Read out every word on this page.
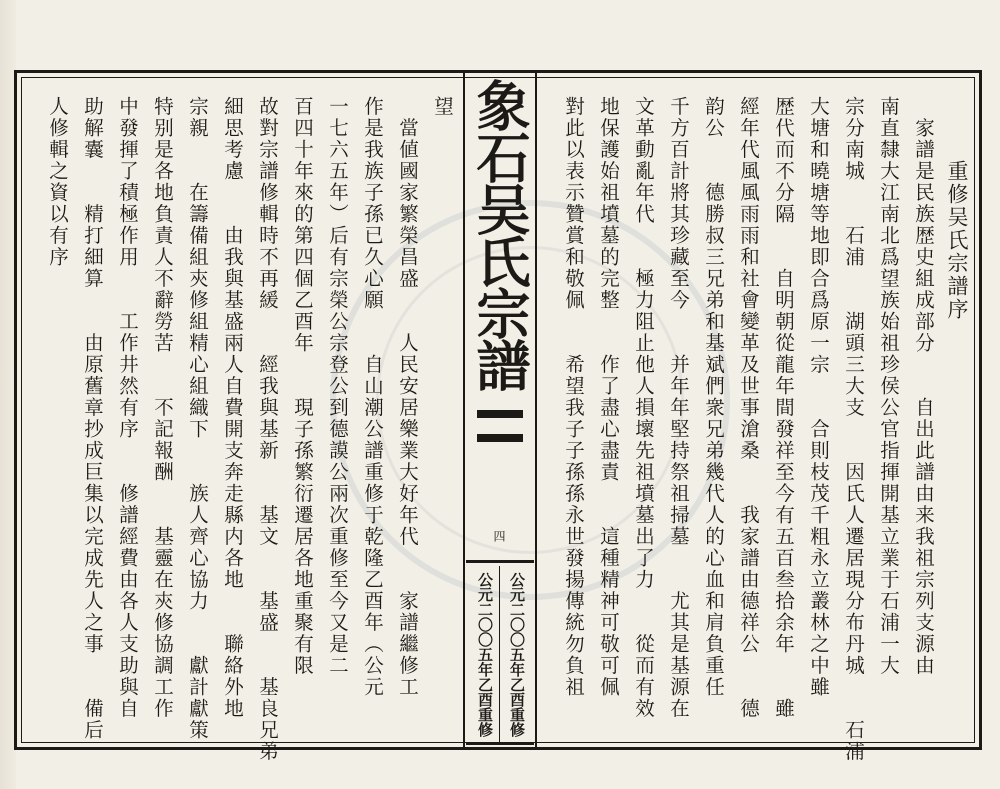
重修吴氏宗譜序
　家譜是民族歴史組成部分　　自出此譜由来我祖宗列支源由
南直隸大江南北爲望族始祖珍侯公官指揮開基立業于石浦一大
宗分南城　　石浦　　湖頭三大支　　因氏人遷居現分布丹城　　石浦
大塘和曉塘等地即合爲原一宗　　合則枝茂千粗永立叢林之中雖
歴代而不分隔　　自明朝從龍年間發祥至今有五百叁拾余年　　雖
經年代風風雨雨和社會變革及世事滄桑　　我家譜由德祥公　　德
韵公　　德勝叔三兄弟和基斌們衆兄弟幾代人的心血和肩負重任
千方百計將其珍藏至今　　并年年堅持祭祖掃墓　　尤其是基源在
文革動亂年代　　極力阻止他人損壞先祖墳墓出了力　　從而有效
地保護始祖墳墓的完整　　作了盡心盡責　　這種精神可敬可佩
對此以表示贊賞和敬佩　　希望我子子孫孫永世發揚傳統勿負祖
象石吴氏宗譜
四
公元二〇〇五年乙酉重修
公元二〇〇五年乙酉重修
望
　當値國家繁榮昌盛　　人民安居樂業大好年代　　家譜繼修工
作是我族子孫已久心願　　自山潮公譜重修于乾隆乙酉年（公元
一七六五年）后有宗榮公宗登公到德謨公兩次重修至今又是二
百四十年來的第四個乙酉年　　現子孫繁衍遷居各地重聚有限
故對宗譜修輯時不再緩　　經我與基新　　基文　　基盛　　基良兄弟
細思考慮　　由我與基盛兩人自費開支奔走縣内各地　　聯絡外地
宗親　　在籌備組㚒修組精心組織下　　族人齊心協力　　獻計獻策
特别是各地負責人不辭勞苦　　不記報酬　　基靈在㚒修協調工作
中發揮了積極作用　　工作井然有序　　修譜經費由各人支助與自
助解囊　　精打細算　　由原舊章抄成巨集以完成先人之事　　備后
人修輯之資以有序
